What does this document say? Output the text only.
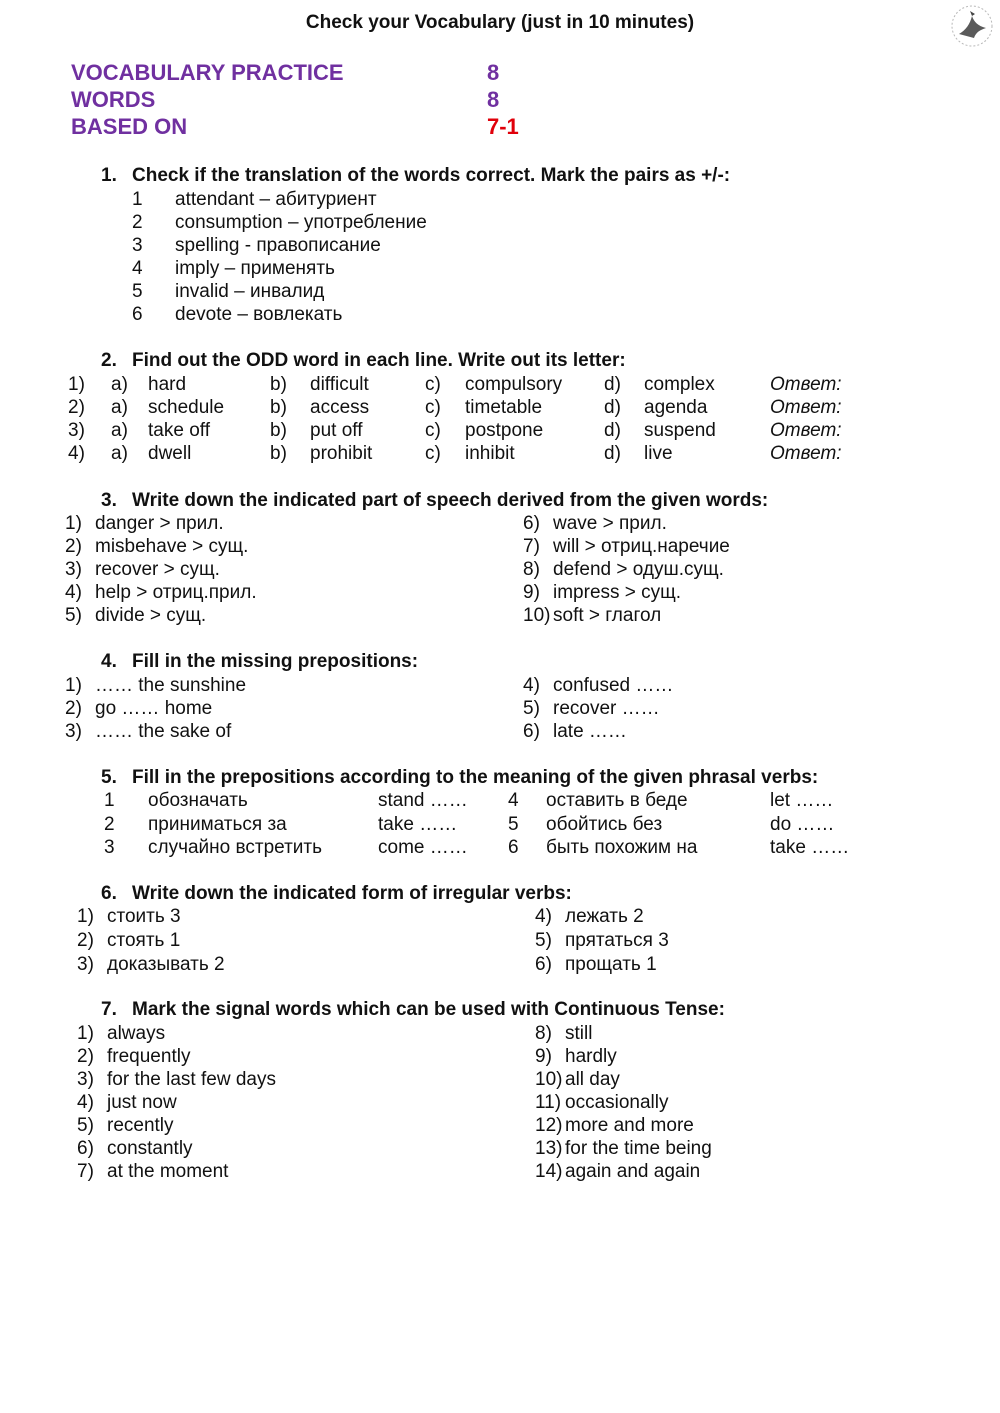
Check your Vocabulary (just in 10 minutes)
VOCABULARY PRACTICE	8
WORDS	8
BASED ON	7-1
1. Check if the translation of the words correct. Mark the pairs as +/-:
1 attendant – абитуриент
2 consumption – употребление
3 spelling - правописание
4 imply – применять
5 invalid – инвалид
6 devote – вовлекать
2. Find out the ODD word in each line. Write out its letter:
1) a) hard	b) difficult	c) compulsory d) complex	Ответ:
2) a) schedule b) access	c) timetable	d) agenda	Ответ:
3) a) take off	b) put off	c) postpone	d) suspend	Ответ:
4) a) dwell	b) prohibit	c) inhibit	d) live	Ответ:
3. Write down the indicated part of speech derived from the given words:
1) danger > прил.
2) misbehave > сущ.
3) recover > сущ.
4) help > отриц.прил.
5) divide > сущ.
6) wave > прил.
7) will > отриц.наречие
8) defend > одуш.сущ.
9) impress > сущ.
10) soft > глагол
4. Fill in the missing prepositions:
1) …… the sunshine
2) go …… home
3) …… the sake of
4) confused ……
5) recover ……
6) late ……
5. Fill in the prepositions according to the meaning of the given phrasal verbs:
1 обозначать	stand …… 4 оставить в беде	let ……
2 приниматься за	take ……	5 обойтись без	do ……
3 случайно встретить	come …… 6 быть похожим на	take ……
6. Write down the indicated form of irregular verbs:
1) стоить 3
2) стоять 1
3) доказывать 2
4) лежать 2
5) прятаться 3
6) прощать 1
7. Mark the signal words which can be used with Continuous Tense:
1) always
2) frequently
3) for the last few days
4) just now
5) recently
6) constantly
7) at the moment
8) still
9) hardly
10) all day
11) occasionally
12) more and more
13) for the time being
14) again and again
